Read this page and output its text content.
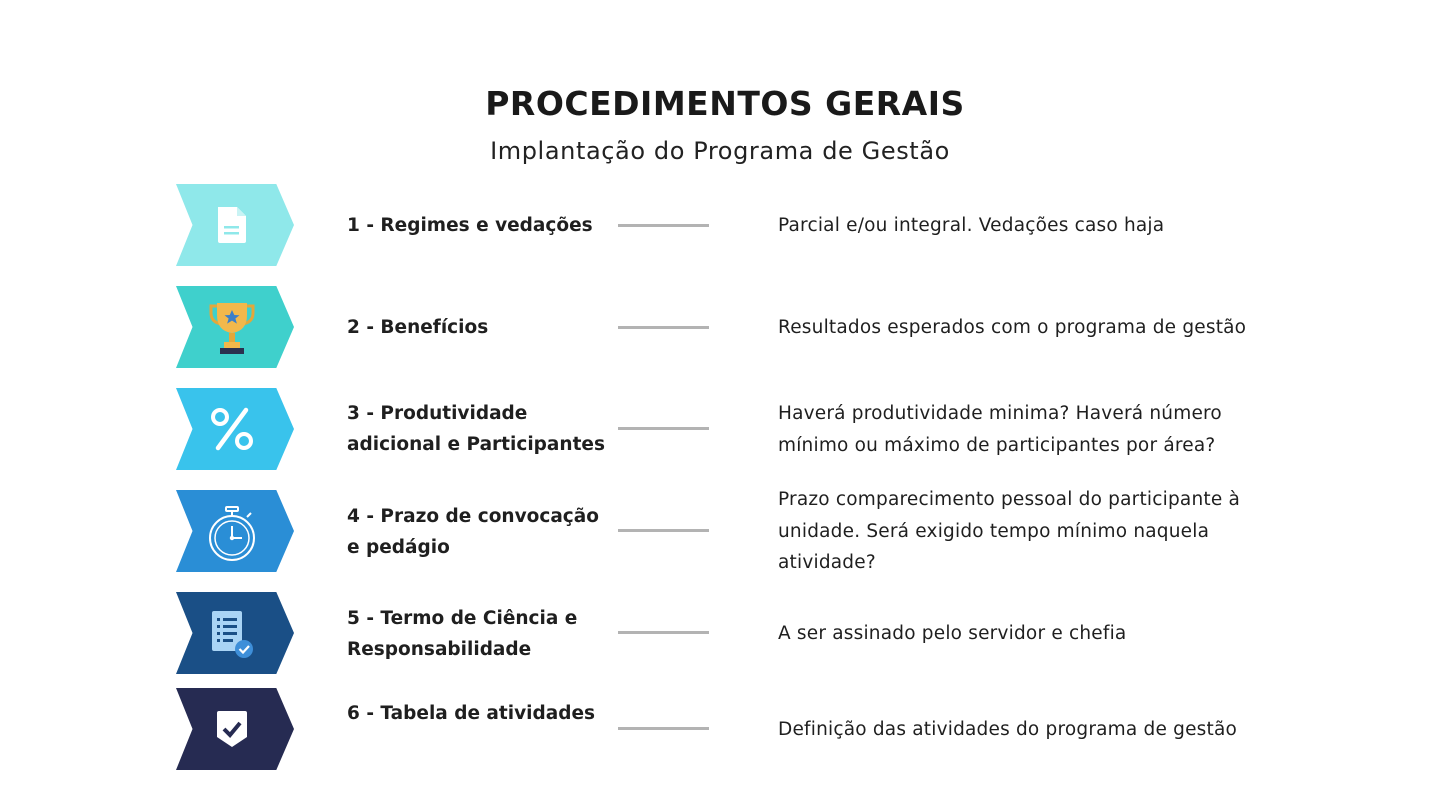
PROCEDIMENTOS GERAIS
Implantação do Programa de Gestão
1 - Regimes e vedações	Parcial e/ou integral. Vedações caso haja
2 - Benefícios	Resultados esperados com o programa de gestão
3 - Produtividade adicional e Participantes
Haverá produtividade minima? Haverá número mínimo ou máximo de participantes por área?
4 - Prazo de convocação e pedágio
Prazo comparecimento pessoal do participante à unidade. Será exigido tempo mínimo naquela atividade?
5 - Termo de Ciência e Responsabilidade
A ser assinado pelo servidor e chefia
6 - Tabela de atividades
Definição das atividades do programa de gestão
